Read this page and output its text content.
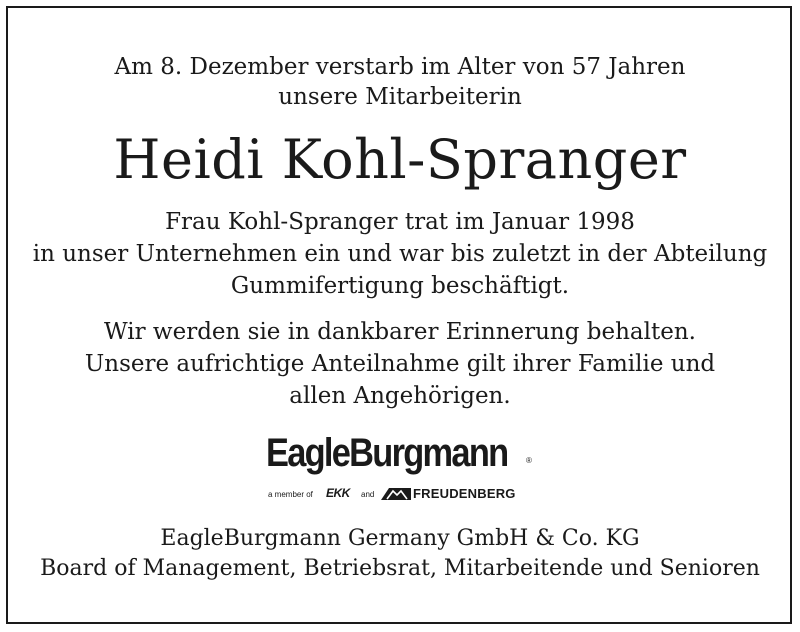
Am 8. Dezember verstarb im Alter von 57 Jahren
unsere Mitarbeiterin
Heidi Kohl-Spranger
Frau Kohl-Spranger trat im Januar 1998
in unser Unternehmen ein und war bis zuletzt in der Abteilung
Gummifertigung beschäftigt.
Wir werden sie in dankbarer Erinnerung behalten.
Unsere aufrichtige Anteilnahme gilt ihrer Familie und
allen Angehörigen.
EagleBurgmann ®
a member of EKK and	FREUDENBERG
EagleBurgmann Germany GmbH & Co. KG
Board of Management, Betriebsrat, Mitarbeitende und Senioren
